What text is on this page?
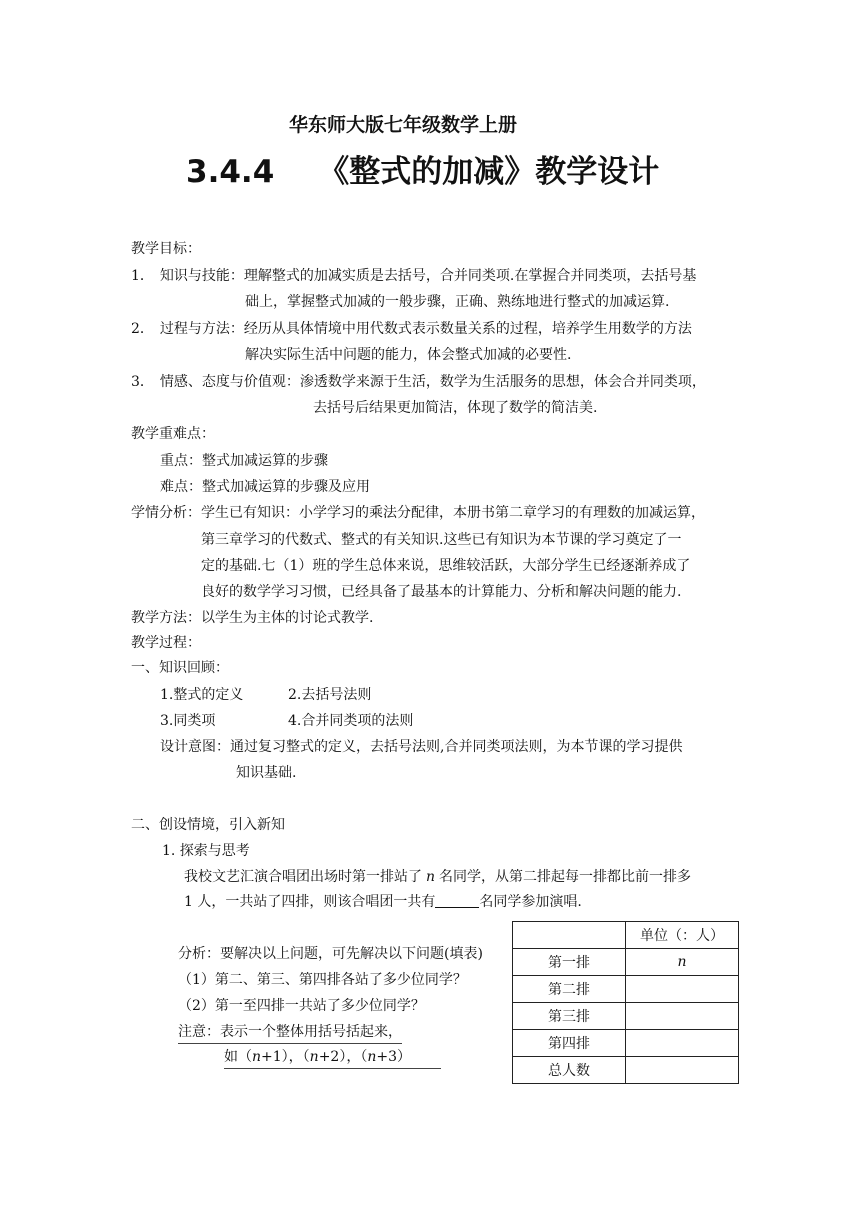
华东师大版七年级数学上册
3.4.4 《整式的加减》教学设计
教学目标：
1． 知识与技能：理解整式的加减实质是去括号，合并同类项.在掌握合并同类项，去括号基
础上，掌握整式加减的一般步骤，正确、熟练地进行整式的加减运算.
2． 过程与方法：经历从具体情境中用代数式表示数量关系的过程，培养学生用数学的方法
解决实际生活中问题的能力，体会整式加减的必要性.
3． 情感、态度与价值观：渗透数学来源于生活，数学为生活服务的思想，体会合并同类项，
去括号后结果更加简洁，体现了数学的简洁美.
教学重难点：
重点：整式加减运算的步骤
难点：整式加减运算的步骤及应用
学情分析：学生已有知识：小学学习的乘法分配律，本册书第二章学习的有理数的加减运算，
第三章学习的代数式、整式的有关知识.这些已有知识为本节课的学习奠定了一
定的基础.七（1）班的学生总体来说，思维较活跃，大部分学生已经逐渐养成了
良好的数学学习习惯，已经具备了最基本的计算能力、分析和解决问题的能力.
教学方法：以学生为主体的讨论式教学.
教学过程：
一、知识回顾：
1.整式的定义	2.去括号法则
3.同类项	4.合并同类项的法则
设计意图：通过复习整式的定义，去括号法则,合并同类项法则，为本节课的学习提供
知识基础.
二、创设情境，引入新知
1. 探索与思考
我校文艺汇演合唱团出场时第一排站了 n 名同学，从第二排起每一排都比前一排多
1 人，一共站了四排，则该合唱团一共有	名同学参加演唱.
分析：要解决以上问题，可先解决以下问题(填表)
（1）第二、第三、第四排各站了多少位同学？
（2）第一至四排一共站了多少位同学？
注意：表示一个整体用括号括起来，
如（n+1），（n+2），（n+3）
	单位（：人）
第一排	n
第二排	
第三排	
第四排	
总人数	
